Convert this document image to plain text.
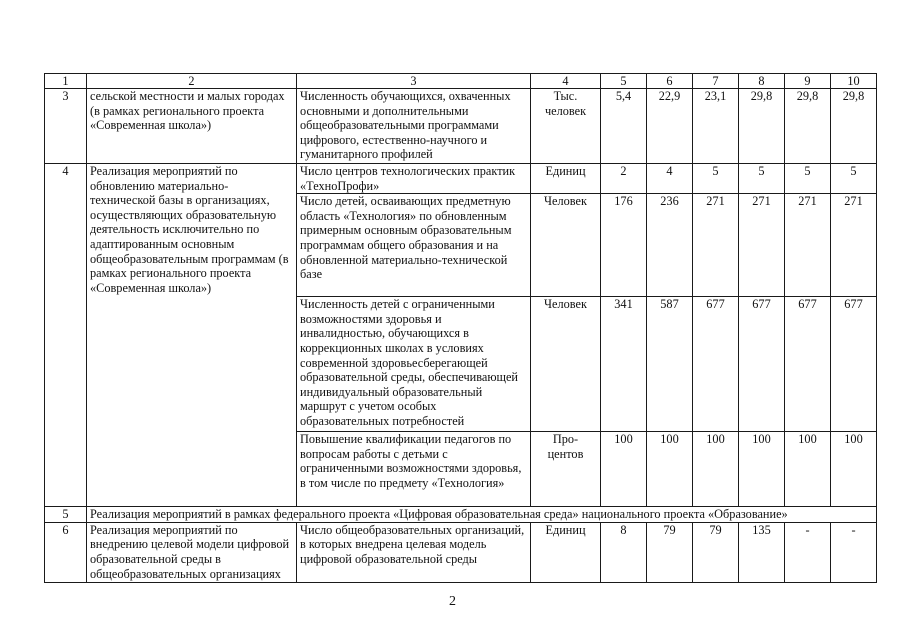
1	2	3	4	5	6	7	8	9	10
3	сельской местности и малых городах (в рамках регионального проекта «Современная школа»)	Численность обучающихся, охваченных основными и дополнительными общеобразовательными программами цифрового, естественно-научного и гуманитарного профилей	Тыс. человек	5,4	22,9	23,1	29,8	29,8	29,8
4	Реализация мероприятий по обновлению материально-технической базы в организациях, осуществляющих образовательную деятельность исключительно по адаптированным основным общеобразовательным программам (в рамках регионального проекта «Современная школа»)	Число центров технологических практик «ТехноПрофи»	Единиц	2	4	5	5	5	5
		Число детей, осваивающих предметную область «Технология» по обновленным примерным основным образовательным программам общего образования и на обновленной материально-технической базе	Человек	176	236	271	271	271	271
		Численность детей с ограниченными возможностями здоровья и инвалидностью, обучающихся в коррекционных школах в условиях современной здоровьесберегающей образовательной среды, обеспечивающей индивидуальный образовательный маршрут с учетом особых образовательных потребностей	Человек	341	587	677	677	677	677
		Повышение квалификации педагогов по вопросам работы с детьми с ограниченными возможностями здоровья, в том числе по предмету «Технология»	Про-центов	100	100	100	100	100	100
5	Реализация мероприятий в рамках федерального проекта «Цифровая образовательная среда» национального проекта «Образование»								
6	Реализация мероприятий по внедрению целевой модели цифровой образовательной среды в общеобразовательных организациях	Число общеобразовательных организаций, в которых внедрена целевая модель цифровой образовательной среды	Единиц	8	79	79	135	-	-
2
